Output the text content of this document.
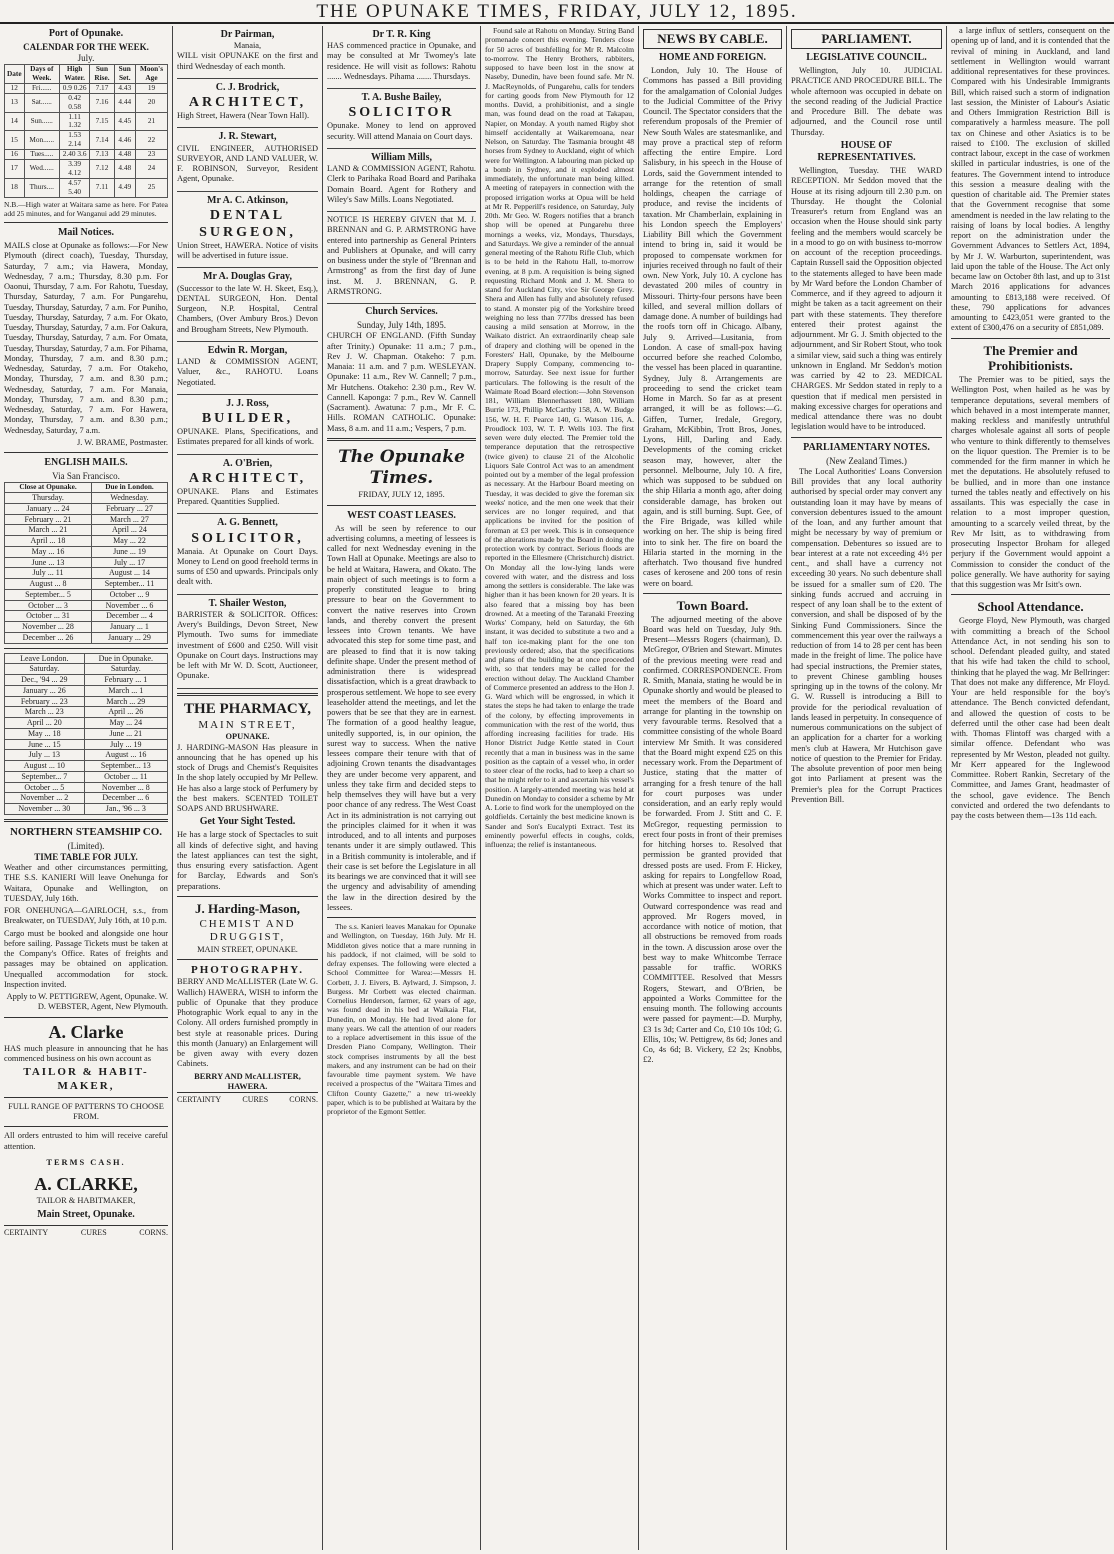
THE OPUNAKE TIMES, FRIDAY, JULY 12, 1895.
Port of Opunake.
CALENDAR FOR THE WEEK.
July.
Date	Days of Week.	High Water.	Sun Rise.	Sun Set.	Moon's Age
12	Fri......	0.9 0.26	7.17	4.43	19
13	Sat......	0.42 0.58	7.16	4.44	20
14	Sun......	1.11 1.32	7.15	4.45	21
15	Mon......	1.53 2.14	7.14	4.46	22
16	Tues.....	2.40 3.6	7.13	4.48	23
17	Wed......	3.39 4.12	7.12	4.48	24
18	Thurs....	4.57 5.40	7.11	4.49	25

N.B.—High water at Waitara same as here. For Patea add 25 minutes, and for Wanganui add 29 minutes.

Mail Notices.

MAILS close at Opunake as follows:—For New Plymouth (direct coach), Tuesday, Thursday, Saturday, 7 a.m.; via Hawera, Monday, Wednesday, 7 a.m.; Thursday, 8.30 p.m. For Oaonui, Thursday, 7 a.m. For Rahotu, Tuesday, Thursday, Saturday, 7 a.m. For Pungarehu, Tuesday, Thursday, Saturday, 7 a.m. For Puniho, Tuesday, Thursday, Saturday, 7 a.m. For Okato, Tuesday, Thursday, Saturday, 7 a.m. For Oakura, Tuesday, Thursday, Saturday, 7 a.m. For Omata, Tuesday, Thursday, Saturday, 7 a.m. For Pihama, Monday, Thursday, 7 a.m. and 8.30 p.m.; Wednesday, Saturday, 7 a.m. For Otakeho, Monday, Thursday, 7 a.m. and 8.30 p.m.; Wednesday, Saturday, 7 a.m. For Manaia, Monday, Thursday, 7 a.m. and 8.30 p.m.; Wednesday, Saturday, 7 a.m. For Hawera, Monday, Thursday, 7 a.m. and 8.30 p.m.; Wednesday, Saturday, 7 a.m.

J. W. BRAME, Postmaster.

ENGLISH MAILS.
Via San Francisco.
Close at Opunake.	Due in London.
Thursday.	Wednesday.
January ... 24	February ... 27
February ... 21	March ... 27
March ... 21	April ... 24
April ... 18	May ... 22
May ... 16	June ... 19
June ... 13	July ... 17
July ... 11	August ... 14
August ... 8	September... 11
September... 5	October ... 9
October ... 3	November ... 6
October ... 31	December ... 4
November ... 28	January ... 1
December ... 26	January ... 29
Leave London.	Due in Opunake.
Saturday.	Saturday.
Dec., '94 ... 29	February ... 1
January ... 26	March ... 1
February ... 23	March ... 29
March ... 23	April ... 26
April ... 20	May ... 24
May ... 18	June ... 21
June ... 15	July ... 19
July ... 13	August ... 16
August ... 10	September... 13
September... 7	October ... 11
October ... 5	November ... 8
November ... 2	December ... 6
November ... 30	Jan., '96 ... 3
NORTHERN STEAMSHIP CO.
(Limited).
TIME TABLE FOR JULY.

Weather and other circumstances permitting, THE S.S. KANIERI Will leave Onehunga for Waitara, Opunake and Wellington, on TUESDAY, July 16th.

FOR ONEHUNGA—GAIRLOCH, s.s., from Breakwater, on TUESDAY, July 16th, at 10 p.m.

Cargo must be booked and alongside one hour before sailing. Passage Tickets must be taken at the Company's Office. Rates of freights and passages may be obtained on application. Unequalled accommodation for stock. Inspection invited.

Apply to W. PETTIGREW, Agent, Opunake. W. D. WEBSTER, Agent, New Plymouth.

A. Clarke

HAS much pleasure in announcing that he has commenced business on his own account as

TAILOR & HABIT-MAKER,
FULL RANGE OF PATTERNS TO CHOOSE FROM.

All orders entrusted to him will receive careful attention.

TERMS CASH.
A. CLARKE,
TAILOR & HABITMAKER,
Main Street, Opunake.
CERTAINTY	CURES	CORNS.
Dr Pairman,
Manaia,

WILL visit OPUNAKE on the first and third Wednesday of each month.

C. J. Brodrick,
ARCHITECT,

High Street, Hawera (Near Town Hall).

J. R. Stewart,

CIVIL ENGINEER, AUTHORISED SURVEYOR, AND LAND VALUER, W. F. ROBINSON, Surveyor, Resident Agent, Opunake.

Mr A. C. Atkinson,
DENTAL SURGEON,

Union Street, HAWERA. Notice of visits will be advertised in future issue.

Mr A. Douglas Gray,

(Successor to the late W. H. Skeet, Esq.), DENTAL SURGEON, Hon. Dental Surgeon, N.P. Hospital, Central Chambers, (Over Ambury Bros.) Devon and Brougham Streets, New Plymouth.

Edwin R. Morgan,

LAND & COMMISSION AGENT, Valuer, &c., RAHOTU. Loans Negotiated.

J. J. Ross,
BUILDER,

OPUNAKE. Plans, Specifications, and Estimates prepared for all kinds of work.

A. O'Brien,
ARCHITECT,

OPUNAKE. Plans and Estimates Prepared. Quantities Supplied.

A. G. Bennett,
SOLICITOR,

Manaia. At Opunake on Court Days. Money to Lend on good freehold terms in sums of £50 and upwards. Principals only dealt with.

T. Shailer Weston,

BARRISTER & SOLICITOR. Offices: Avery's Buildings, Devon Street, New Plymouth. Two sums for immediate investment of £600 and £250. Will visit Opunake on Court days. Instructions may be left with Mr W. D. Scott, Auctioneer, Opunake.

THE PHARMACY,
MAIN STREET,
OPUNAKE.

J. HARDING-MASON Has pleasure in announcing that he has opened up his stock of Drugs and Chemist's Requisites In the shop lately occupied by Mr Pellew. He has also a large stock of Perfumery by the best makers. SCENTED TOILET SOAPS AND BRUSHWARE.

Get Your Sight Tested.

He has a large stock of Spectacles to suit all kinds of defective sight, and having the latest appliances can test the sight, thus ensuring every satisfaction. Agent for Barclay, Edwards and Son's preparations.

J. Harding-Mason,
CHEMIST AND DRUGGIST,
MAIN STREET, OPUNAKE.
PHOTOGRAPHY.

BERRY AND McALLISTER (Late W. G. Wallich) HAWERA, WISH to inform the public of Opunake that they produce Photographic Work equal to any in the Colony. All orders furnished promptly in best style at reasonable prices. During this month (January) an Enlargement will be given away with every dozen Cabinets.

BERRY AND McALLISTER, HAWERA.
CERTAINTY	CURES	CORNS.
Dr T. R. King

HAS commenced practice in Opunake, and may be consulted at Mr Twomey's late residence. He will visit as follows: Rahotu ....... Wednesdays. Pihama ....... Thursdays.

T. A. Bushe Bailey,
SOLICITOR

Opunake. Money to lend on approved security. Will attend Manaia on Court days.

William Mills,

LAND & COMMISSION AGENT, Rahotu. Clerk to Parihaka Road Board and Parihaka Domain Board. Agent for Rothery and Wiley's Saw Mills. Loans Negotiated.

NOTICE IS HEREBY GIVEN that M. J. BRENNAN and G. P. ARMSTRONG have entered into partnership as General Printers and Publishers at Opunake, and will carry on business under the style of "Brennan and Armstrong" as from the first day of June inst. M. J. BRENNAN, G. P. ARMSTRONG.

Church Services.
Sunday, July 14th, 1895.

CHURCH OF ENGLAND. (Fifth Sunday after Trinity.) Opunake: 11 a.m.; 7 p.m., Rev J. W. Chapman. Otakeho: 7 p.m. Manaia: 11 a.m. and 7 p.m. WESLEYAN. Opunake: 11 a.m., Rev W. Cannell; 7 p.m., Mr Hutchens. Otakeho: 2.30 p.m., Rev W. Cannell. Kaponga: 7 p.m., Rev W. Cannell (Sacrament). Awatuna: 7 p.m., Mr F. C. Hills. ROMAN CATHOLIC. Opunake: Mass, 8 a.m. and 11 a.m.; Vespers, 7 p.m.

The Opunake Times.
FRIDAY, JULY 12, 1895.
WEST COAST LEASES.

As will be seen by reference to our advertising columns, a meeting of lessees is called for next Wednesday evening in the Town Hall at Opunake. Meetings are also to be held at Waitara, Hawera, and Okato. The main object of such meetings is to form a properly constituted league to bring pressure to bear on the Government to convert the native reserves into Crown lands, and thereby convert the present lessees into Crown tenants. We have advocated this step for some time past, and are pleased to find that it is now taking definite shape. Under the present method of administration there is widespread dissatisfaction, which is a great drawback to prosperous settlement. We hope to see every leaseholder attend the meetings, and let the powers that be see that they are in earnest. The formation of a good healthy league, unitedly supported, is, in our opinion, the surest way to success. When the native lessees compare their tenure with that of adjoining Crown tenants the disadvantages they are under become very apparent, and unless they take firm and decided steps to help themselves they will have but a very poor chance of any redress. The West Coast Act in its administration is not carrying out the principles claimed for it when it was introduced, and to all intents and purposes tenants under it are simply outlawed. This in a British community is intolerable, and if their case is set before the Legislature in all its bearings we are convinced that it will see the urgency and advisability of amending the law in the direction desired by the lessees.

The s.s. Kanieri leaves Manakau for Opunake and Wellington, on Tuesday, 16th July. Mr H. Middleton gives notice that a mare running in his paddock, if not claimed, will be sold to defray expenses. The following were elected a School Committee for Warea:—Messrs H. Corbett, J. J. Eivers, B. Aylward, J. Simpson, J. Burgess. Mr Corbett was elected chairman. Cornelius Henderson, farmer, 62 years of age, was found dead in his bed at Waikaia Flat, Dunedin, on Monday. He had lived alone for many years. We call the attention of our readers to a replace advertisement in this issue of the Dresden Piano Company, Wellington. Their stock comprises instruments by all the best makers, and any instrument can be had on their favourable time payment system. We have received a prospectus of the "Waitara Times and Clifton County Gazette," a new tri-weekly paper, which is to be published at Waitara by the proprietor of the Egmont Settler.

Found sale at Rahotu on Monday. String Band promenade concert this evening. Tenders close for 50 acres of bushfelling for Mr R. Malcolm to-morrow. The Henry Brothers, rabbiters, supposed to have been lost in the snow at Naseby, Dunedin, have been found safe. Mr N. J. MacReynolds, of Pungarehu, calls for tenders for carting goods from New Plymouth for 12 months. David, a prohibitionist, and a single man, was found dead on the road at Takapau, Napier, on Monday. A youth named Rigby shot himself accidentally at Waikaremoana, near Nelson, on Saturday. The Tasmania brought 48 horses from Sydney to Auckland, eight of which were for Wellington. A labouring man picked up a bomb in Sydney, and it exploded almost immediately, the unfortunate man being killed. A meeting of ratepayers in connection with the proposed irrigation works at Opua will be held at Mr R. Pepperill's residence, on Saturday, July 20th. Mr Geo. W. Rogers notifies that a branch shop will be opened at Pungarehu three mornings a weeks, viz, Mondays, Thursdays, and Saturdays. We give a reminder of the annual general meeting of the Rahotu Rifle Club, which is to be held in the Rahotu Hall, to-morrow evening, at 8 p.m. A requisition is being signed requesting Richard Monk and J. M. Shera to stand for Auckland City, vice Sir George Grey. Shera and Allen has fully and absolutely refused to stand. A monster pig of the Yorkshire breed weighing no less than 777lbs dressed has been causing a mild sensation at Morrow, in the Waikato district. An extraordinarily cheap sale of drapery and clothing will be opened in the Foresters' Hall, Opunake, by the Melbourne Drapery Supply Company, commencing to-morrow, Saturday. See next issue for further particulars. The following is the result of the Waimate Road Board election:—John Stevenson 181, William Blennerhassett 180, William Burrie 173, Phillip McCarthy 158, A. W. Budge 156, W. H. F. Pearce 140, G. Watson 116, A. Proudlock 103, W. T. P. Wells 103. The first seven were duly elected. The Premier told the temperance deputation that the retrospective (twice given) to clause 21 of the Alcoholic Liquors Sale Control Act was to an amendment pointed out by a member of the legal profession as necessary. At the Harbour Board meeting on Tuesday, it was decided to give the foreman six weeks' notice, and the men one week that their services are no longer required, and that applications be invited for the position of foreman at £3 per week. This is in consequence of the alterations made by the Board in doing the protection work by contract. Serious floods are reported in the Ellesmere (Christchurch) district. On Monday all the low-lying lands were covered with water, and the distress and loss among the settlers is considerable. The lake was higher than it has been known for 20 years. It is also feared that a missing boy has been drowned. At a meeting of the Taranaki Freezing Works' Company, held on Saturday, the 6th instant, it was decided to substitute a two and a half ton ice-making plant for the one ton previously ordered; also, that the specifications and plans of the building be at once proceeded with, so that tenders may be called for the erection without delay. The Auckland Chamber of Commerce presented an address to the Hon J. G. Ward which will be engrossed, in which it states the steps he had taken to enlarge the trade of the colony, by effecting improvements in communication with the rest of the world, thus affording increasing facilities for trade. His Honor District Judge Kettle stated in Court recently that a man in business was in the same position as the captain of a vessel who, in order to steer clear of the rocks, had to keep a chart so that he might refer to it and ascertain his vessel's position. A largely-attended meeting was held at Dunedin on Monday to consider a scheme by Mr A. Lorie to find work for the unemployed on the goldfields. Certainly the best medicine known is Sander and Son's Eucalypti Extract. Test its eminently powerful effects in coughs, colds, influenza; the relief is instantaneous.

NEWS BY CABLE.
HOME AND FOREIGN.

London, July 10. The House of Commons has passed a Bill providing for the amalgamation of Colonial Judges to the Judicial Committee of the Privy Council. The Spectator considers that the referendum proposals of the Premier of New South Wales are statesmanlike, and may prove a practical step of reform affecting the entire Empire. Lord Salisbury, in his speech in the House of Lords, said the Government intended to arrange for the retention of small holdings, cheapen the carriage of produce, and revise the incidents of taxation. Mr Chamberlain, explaining in his London speech the Employers' Liability Bill which the Government intend to bring in, said it would be proposed to compensate workmen for injuries received through no fault of their own. New York, July 10. A cyclone has devastated 200 miles of country in Missouri. Thirty-four persons have been killed, and several million dollars of damage done. A number of buildings had the roofs torn off in Chicago. Albany, July 9. Arrived—Lusitania, from London. A case of small-pox having occurred before she reached Colombo, the vessel has been placed in quarantine. Sydney, July 8. Arrangements are proceeding to send the cricket team Home in March. So far as at present arranged, it will be as follows:—G. Giffen, Turner, Iredale, Gregory, Graham, McKibbin, Trott Bros, Jones, Lyons, Hill, Darling and Eady. Developments of the coming cricket season may, however, alter the personnel. Melbourne, July 10. A fire, which was supposed to be subdued on the ship Hilaria a month ago, after doing considerable damage, has broken out again, and is still burning. Supt. Gee, of the Fire Brigade, was killed while working on her. The ship is being fired into to sink her. The fire on board the Hilaria started in the morning in the afterhatch. Two thousand five hundred cases of kerosene and 200 tons of resin were on board.

Town Board.

The adjourned meeting of the above Board was held on Tuesday, July 9th. Present—Messrs Rogers (chairman), D. McGregor, O'Brien and Stewart. Minutes of the previous meeting were read and confirmed. CORRESPONDENCE. From R. Smith, Manaia, stating he would be in Opunake shortly and would be pleased to meet the members of the Board and arrange for planting in the township on very favourable terms. Resolved that a committee consisting of the whole Board interview Mr Smith. It was considered that the Board might expend £25 on this necessary work. From the Department of Justice, stating that the matter of arranging for a fresh tenure of the hall for court purposes was under consideration, and an early reply would be forwarded. From J. Stitt and C. F. McGregor, requesting permission to erect four posts in front of their premises for hitching horses to. Resolved that permission be granted provided that dressed posts are used. From F. Hickey, asking for repairs to Longfellow Road, which at present was under water. Left to Works Committee to inspect and report. Outward correspondence was read and approved. Mr Rogers moved, in accordance with notice of motion, that all obstructions be removed from roads in the town. A discussion arose over the best way to make Whitcombe Terrace passable for traffic. WORKS COMMITTEE. Resolved that Messrs Rogers, Stewart, and O'Brien, be appointed a Works Committee for the ensuing month. The following accounts were passed for payment:—D. Murphy, £3 1s 3d; Carter and Co, £10 10s 10d; G. Ellis, 10s; W. Pettigrew, 8s 6d; Jones and Co, 4s 6d; B. Vickery, £2 2s; Knobbs, £2.

PARLIAMENT.
LEGISLATIVE COUNCIL.

Wellington, July 10. JUDICIAL PRACTICE AND PROCEDURE BILL. The whole afternoon was occupied in debate on the second reading of the Judicial Practice and Procedure Bill. The debate was adjourned, and the Council rose until Thursday.

HOUSE OF REPRESENTATIVES.

Wellington, Tuesday. THE WARD RECEPTION. Mr Seddon moved that the House at its rising adjourn till 2.30 p.m. on Thursday. He thought the Colonial Treasurer's return from England was an occasion when the House should sink party feeling and the members would scarcely be in a mood to go on with business to-morrow on account of the reception proceedings. Captain Russell said the Opposition objected to the statements alleged to have been made by Mr Ward before the London Chamber of Commerce, and if they agreed to adjourn it might be taken as a tacit agreement on their part with these statements. They therefore entered their protest against the adjournment. Mr G. J. Smith objected to the adjournment, and Sir Robert Stout, who took a similar view, said such a thing was entirely unknown in England. Mr Seddon's motion was carried by 42 to 23. MEDICAL CHARGES. Mr Seddon stated in reply to a question that if medical men persisted in making excessive charges for operations and medical attendance there was no doubt legislation would have to be introduced.

PARLIAMENTARY NOTES.
(New Zealand Times.)

The Local Authorities' Loans Conversion Bill provides that any local authority authorised by special order may convert any outstanding loan it may have by means of conversion debentures issued to the amount of the loan, and any further amount that might be necessary by way of premium or compensation. Debentures so issued are to bear interest at a rate not exceeding 4½ per cent., and shall have a currency not exceeding 30 years. No such debenture shall be issued for a smaller sum of £20. The sinking funds accrued and accruing in respect of any loan shall be to the extent of conversion, and shall be disposed of by the Sinking Fund Commissioners. Since the commencement this year over the railways a reduction of from 14 to 28 per cent has been made in the freight of lime. The police have had special instructions, the Premier states, to prevent Chinese gambling houses springing up in the towns of the colony. Mr G. W. Russell is introducing a Bill to provide for the periodical revaluation of lands leased in perpetuity. In consequence of numerous communications on the subject of an application for a charter for a working men's club at Hawera, Mr Hutchison gave notice of question to the Premier for Friday. The absolute prevention of poor men being got into Parliament at present was the Premier's plea for the Corrupt Practices Prevention Bill.

a large influx of settlers, consequent on the opening up of land, and it is contended that the revival of mining in Auckland, and land settlement in Wellington would warrant additional representatives for these provinces. Compared with his Undesirable Immigrants Bill, which raised such a storm of indignation last session, the Minister of Labour's Asiatic and Others Immigration Restriction Bill is comparatively a harmless measure. The poll tax on Chinese and other Asiatics is to be raised to £100. The exclusion of skilled contract labour, except in the case of workmen skilled in particular industries, is one of the features. The Government intend to introduce this session a measure dealing with the question of charitable aid. The Premier states that the Government recognise that some amendment is needed in the law relating to the raising of loans by local bodies. A lengthy report on the administration under the Government Advances to Settlers Act, 1894, by Mr J. W. Warburton, superintendent, was laid upon the table of the House. The Act only became law on October 8th last, and up to 31st March 2016 applications for advances amounting to £813,188 were received. Of these, 790 applications for advances amounting to £423,051 were granted to the extent of £300,476 on a security of £851,089.

The Premier and Prohibitionists.

The Premier was to be pitied, says the Wellington Post, when hailed as he was by temperance deputations, several members of which behaved in a most intemperate manner, making reckless and manifestly untruthful charges wholesale against all sorts of people who venture to think differently to themselves on the liquor question. The Premier is to be commended for the firm manner in which he met the deputations. He absolutely refused to be bullied, and in more than one instance turned the tables neatly and effectively on his assailants. This was especially the case in relation to a most improper question, amounting to a scarcely veiled threat, by the Rev Mr Isitt, as to withdrawing from prosecuting Inspector Broham for alleged perjury if the Government would appoint a Commission to consider the conduct of the police generally. We have authority for saying that this suggestion was Mr Isitt's own.

School Attendance.

George Floyd, New Plymouth, was charged with committing a breach of the School Attendance Act, in not sending his son to school. Defendant pleaded guilty, and stated that his wife had taken the child to school, thinking that he played the wag. Mr Bellringer: That does not make any difference, Mr Floyd. Your are held responsible for the boy's attendance. The Bench convicted defendant, and allowed the question of costs to be deferred until the other case had been dealt with. Thomas Flintoff was charged with a similar offence. Defendant who was represented by Mr Weston, pleaded not guilty. Mr Kerr appeared for the Inglewood Committee. Robert Rankin, Secretary of the Committee, and James Grant, headmaster of the school, gave evidence. The Bench convicted and ordered the two defendants to pay the costs between them—13s 11d each.
